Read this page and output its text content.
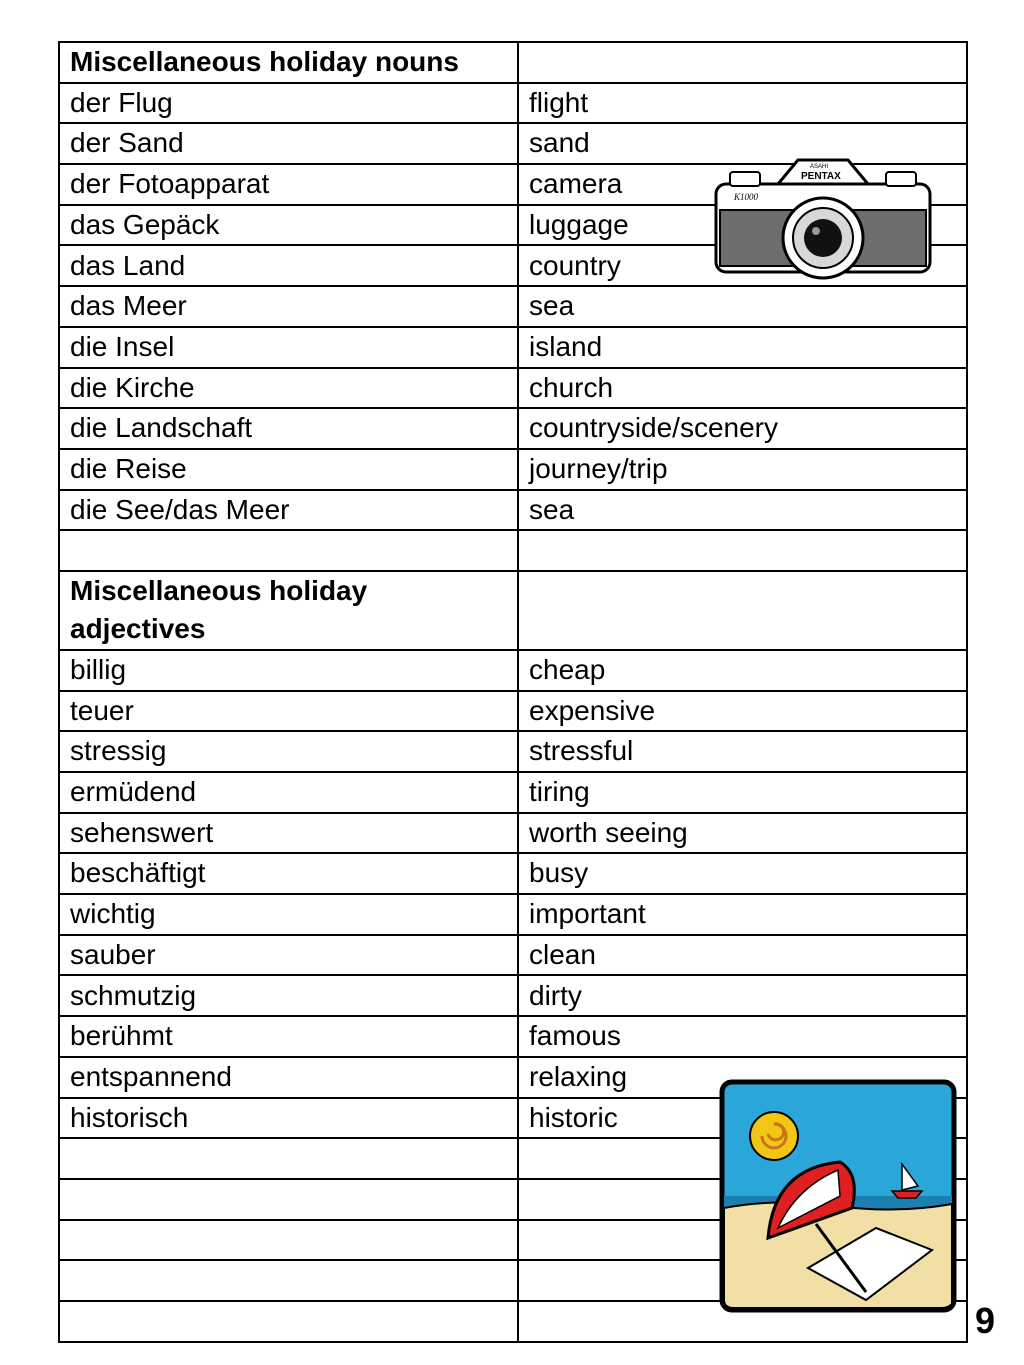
Miscellaneous holiday nouns	
der Flug	flight
der Sand	sand
der Fotoapparat	camera
das Gepäck	luggage
das Land	country
das Meer	sea
die Insel	island
die Kirche	church
die Landschaft	countryside/scenery
die Reise	journey/trip
die See/das Meer	sea

Miscellaneous holiday adjectives	
billig	cheap
teuer	expensive
stressig	stressful
ermüdend	tiring
sehenswert	worth seeing
beschäftigt	busy
wichtig	important
sauber	clean
schmutzig	dirty
berühmt	famous
entspannend	relaxing
historisch	historic

ASAHI
PENTAX
K1000
9
